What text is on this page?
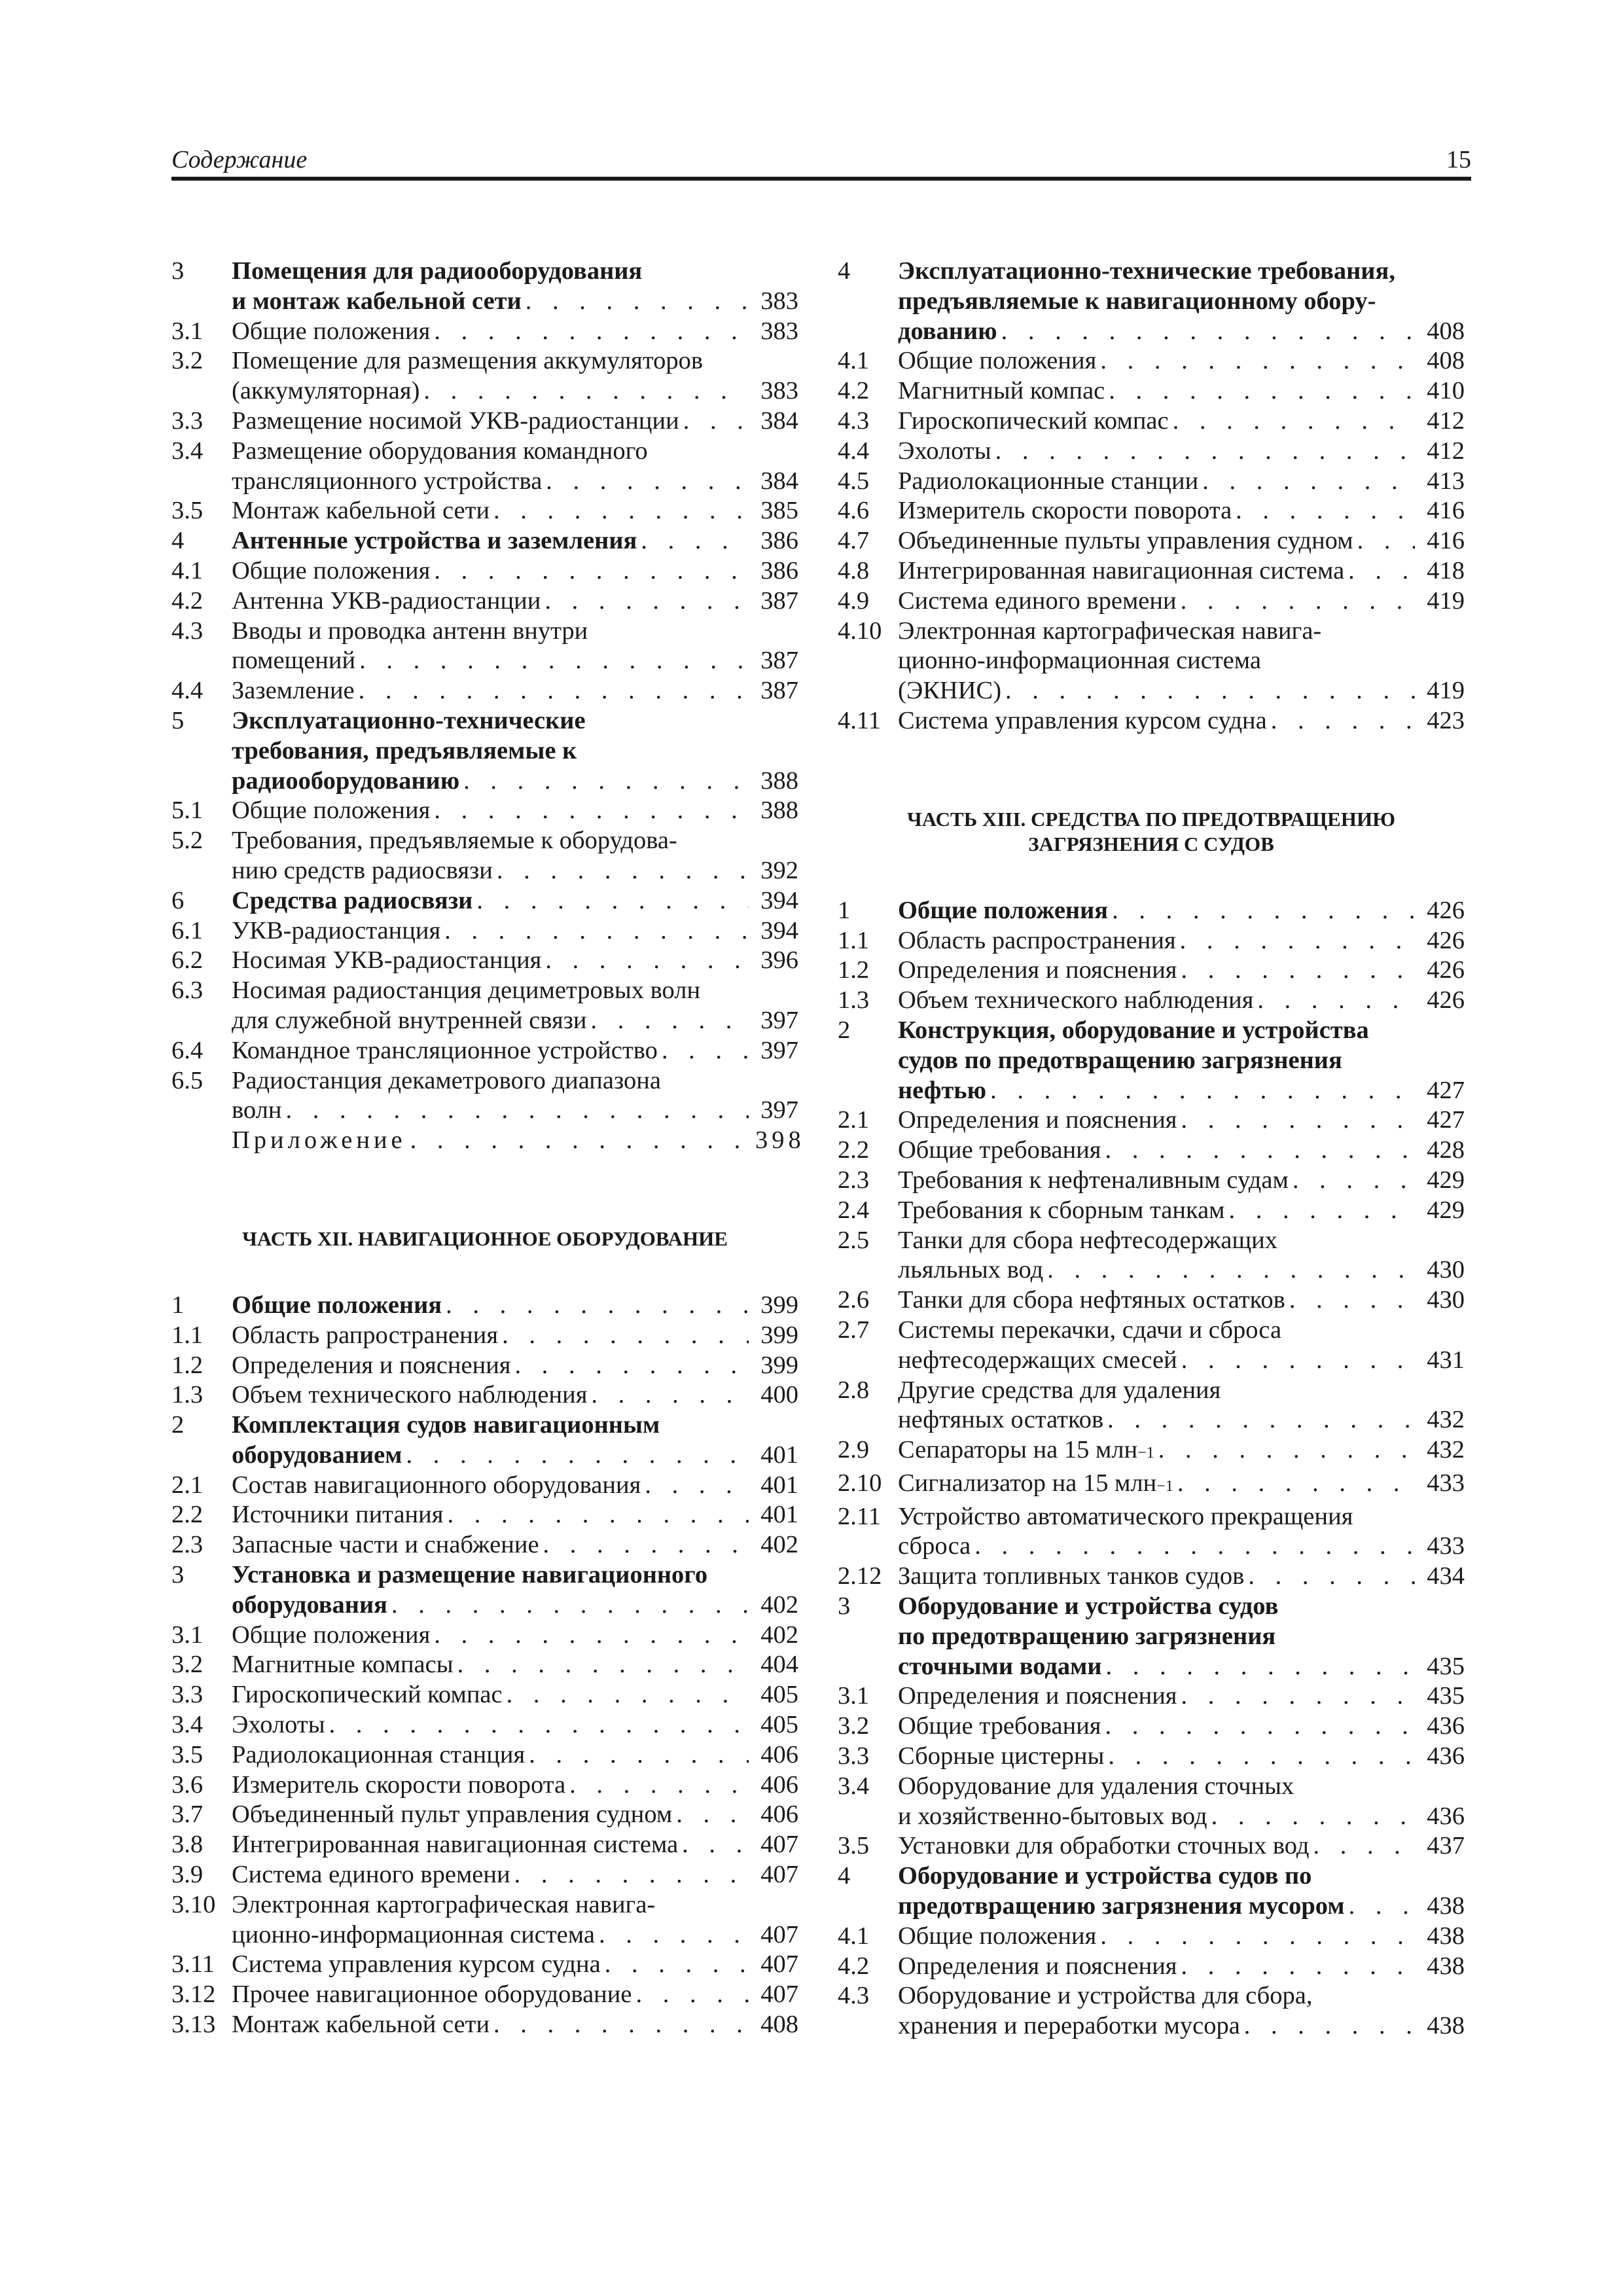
Содержание	15
3	Помещения для радиооборудования
и монтаж кабельной сети . . .	383
3.1	Общие положения . . .	383
3.2	Помещение для размещения аккумуляторов
(аккумуляторная) . . .	383
3.3	Размещение носимой УКВ-радиостанции . . .	384
3.4	Размещение оборудования командного
трансляционного устройства . . .	384
3.5	Монтаж кабельной сети . . .	385
4	Антенные устройства и заземления . . .	386
4.1	Общие положения . . .	386
4.2	Антенна УКВ-радиостанции . . .	387
4.3	Вводы и проводка антенн внутри
помещений . . .	387
4.4	Заземление . . .	387
5	Эксплуатационно-технические
требования, предъявляемые к
радиооборудованию . . .	388
5.1	Общие положения . . .	388
5.2	Требования, предъявляемые к оборудова-
нию средств радиосвязи . . .	392
6	Средства радиосвязи . . .	394
6.1	УКВ-радиостанция . . .	394
6.2	Носимая УКВ-радиостанция . . .	396
6.3	Носимая радиостанция дециметровых волн
для служебной внутренней связи . . .	397
6.4	Командное трансляционное устройство . . .	397
6.5	Радиостанция декаметрового диапазона
волн . . .	397
Приложение . . .	398
ЧАСТЬ XII. НАВИГАЦИОННОЕ ОБОРУДОВАНИЕ
1	Общие положения . . .	399
1.1	Область рапространения . . .	399
1.2	Определения и пояснения . . .	399
1.3	Объем технического наблюдения . . .	400
2	Комплектация судов навигационным
оборудованием . . .	401
2.1	Состав навигационного оборудования . . .	401
2.2	Источники питания . . .	401
2.3	Запасные части и снабжение . . .	402
3	Установка и размещение навигационного
оборудования . . .	402
3.1	Общие положения . . .	402
3.2	Магнитные компасы . . .	404
3.3	Гироскопический компас . . .	405
3.4	Эхолоты . . .	405
3.5	Радиолокационная станция . . .	406
3.6	Измеритель скорости поворота . . .	406
3.7	Объединенный пульт управления судном . . .	406
3.8	Интегрированная навигационная система . . .	407
3.9	Система единого времени . . .	407
3.10 Электронная картографическая навига-
ционно-информационная система . . .	407
3.11 Система управления курсом судна . . .	407
3.12 Прочее навигационное оборудование . . .	407
3.13 Монтаж кабельной сети . . .	408
4	Эксплуатационно-технические требования,
предъявляемые к навигационному обору-
дованию . . .	408
4.1	Общие положения . . .	408
4.2	Магнитный компас . . .	410
4.3	Гироскопический компас . . .	412
4.4	Эхолоты . . .	412
4.5	Радиолокационные станции . . .	413
4.6	Измеритель скорости поворота . . .	416
4.7	Объединенные пульты управления судном . . .	416
4.8	Интегрированная навигационная система . . .	418
4.9	Система единого времени . . .	419
4.10 Электронная картографическая навига-
ционно-информационная система
(ЭКНИС) . . .	419
4.11 Система управления курсом судна . . .	423
ЧАСТЬ XIII. СРЕДСТВА ПО ПРЕДОТВРАЩЕНИЮ
ЗАГРЯЗНЕНИЯ С СУДОВ
1	Общие положения . . .	426
1.1	Область распространения . . .	426
1.2	Определения и пояснения . . .	426
1.3	Объем технического наблюдения . . .	426
2	Конструкция, оборудование и устройства
судов по предотвращению загрязнения
нефтью . . .	427
2.1	Определения и пояснения . . .	427
2.2	Общие требования . . .	428
2.3	Требования к нефтеналивным судам . . .	429
2.4	Требования к сборным танкам . . .	429
2.5	Танки для сбора нефтесодержащих
льяльных вод . . .	430
2.6	Танки для сбора нефтяных остатков . . .	430
2.7	Системы перекачки, сдачи и сброса
нефтесодержащих смесей . . .	431
2.8	Другие средства для удаления
нефтяных остатков . . .	432
2.9	Сепараторы на 15 млн −1 . . .	432
2.10 Сигнализатор на 15 млн −1 . . .	433
2.11 Устройство автоматического прекращения
сброса . . .	433
2.12 Защита топливных танков судов . . .	434
3	Оборудование и устройства судов
по предотвращению загрязнения
сточными водами . . .	435
3.1	Определения и пояснения . . .	435
3.2	Общие требования . . .	436
3.3	Сборные цистерны . . .	436
3.4	Оборудование для удаления сточных
и хозяйственно-бытовых вод . . .	436
3.5	Установки для обработки сточных вод . . .	437
4	Оборудование и устройства судов по
предотвращению загрязнения мусором . . .	438
4.1	Общие положения . . .	438
4.2	Определения и пояснения . . .	438
4.3	Оборудование и устройства для сбора,
хранения и переработки мусора . . .	438
